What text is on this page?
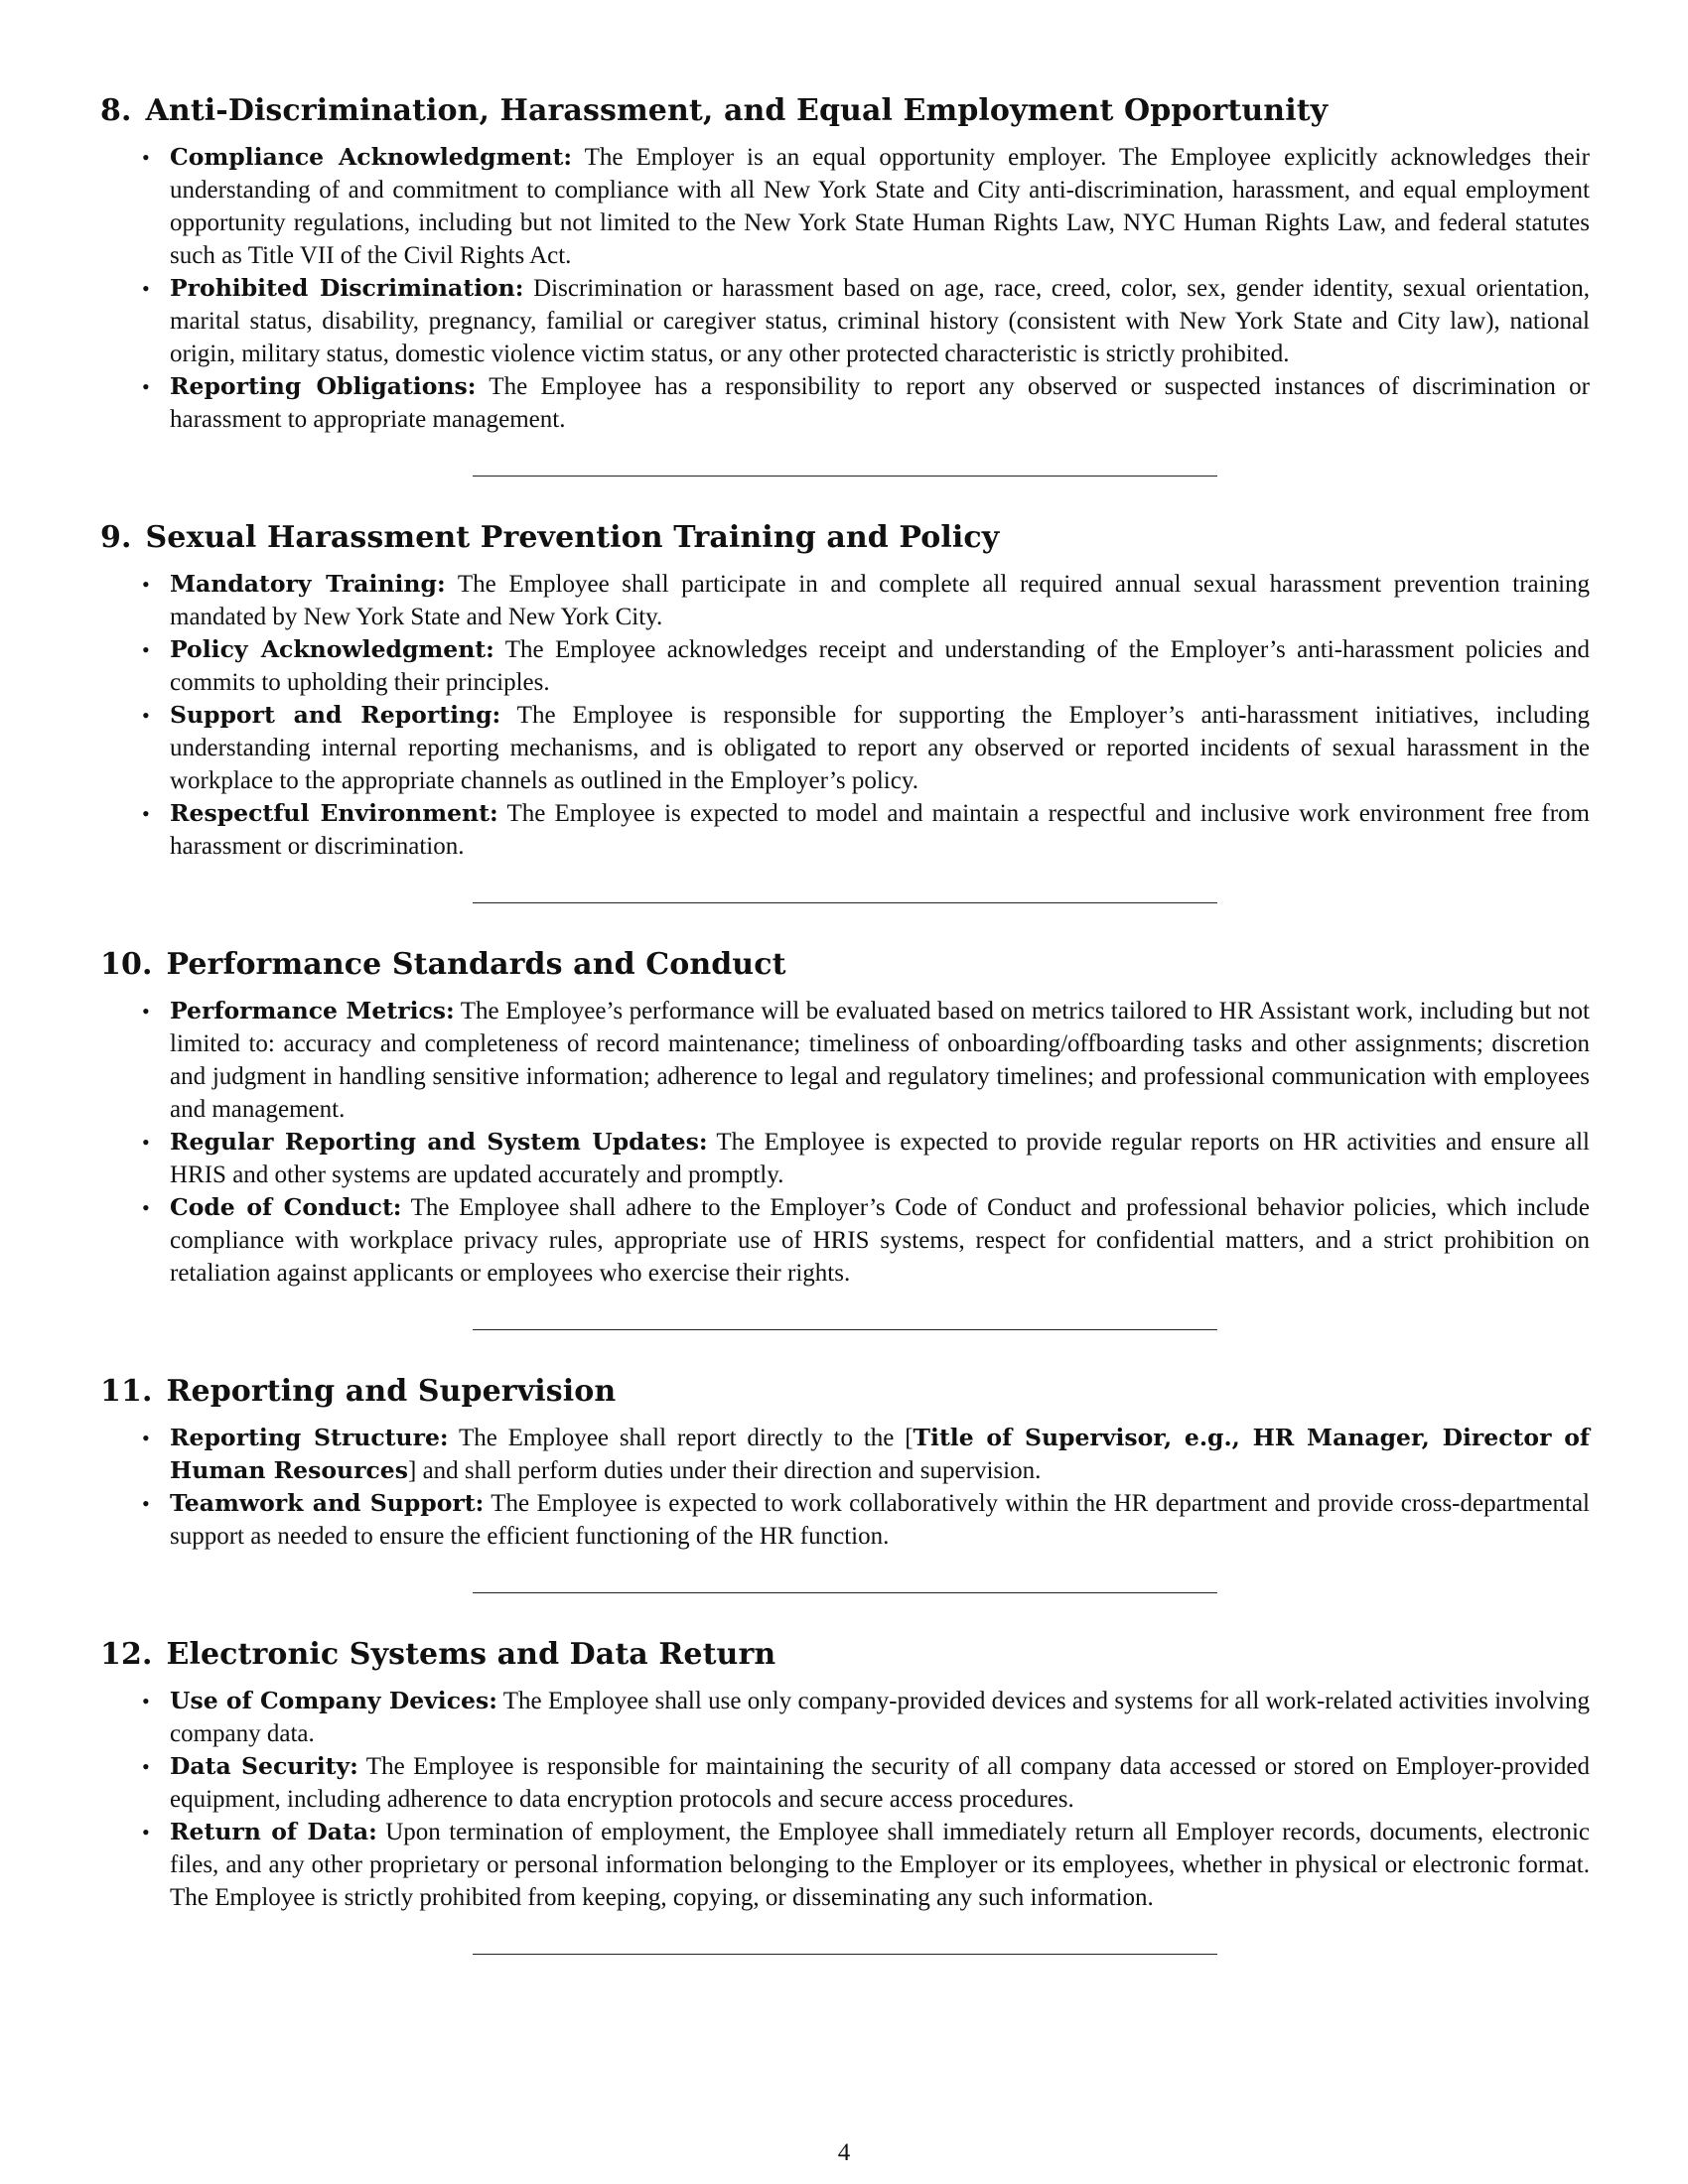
8. Anti-Discrimination, Harassment, and Equal Employment Opportunity
• Compliance Acknowledgment: The Employer is an equal opportunity employer. The Employee explicitly acknowledges their understanding of and commitment to compliance with all New York State and City anti-discrimination, harassment, and equal employment opportunity regulations, including but not limited to the New York State Human Rights Law, NYC Human Rights Law, and federal statutes such as Title VII of the Civil Rights Act.
• Prohibited Discrimination: Discrimination or harassment based on age, race, creed, color, sex, gender identity, sexual orientation, marital status, disability, pregnancy, familial or caregiver status, criminal history (consistent with New York State and City law), national origin, military status, domestic violence victim status, or any other protected characteristic is strictly prohibited.
• Reporting Obligations: The Employee has a responsibility to report any observed or suspected instances of discrimination or harassment to appropriate management.
9. Sexual Harassment Prevention Training and Policy
• Mandatory Training: The Employee shall participate in and complete all required annual sexual harassment prevention training mandated by New York State and New York City.
• Policy Acknowledgment: The Employee acknowledges receipt and understanding of the Employer’s anti-harassment policies and commits to upholding their principles.
• Support and Reporting: The Employee is responsible for supporting the Employer’s anti-harassment initiatives, including understanding internal reporting mechanisms, and is obligated to report any observed or reported incidents of sexual harassment in the workplace to the appropriate channels as outlined in the Employer’s policy.
• Respectful Environment: The Employee is expected to model and maintain a respectful and inclusive work environment free from harassment or discrimination.
10. Performance Standards and Conduct
• Performance Metrics: The Employee’s performance will be evaluated based on metrics tailored to HR Assistant work, including but not limited to: accuracy and completeness of record maintenance; timeliness of onboarding/offboarding tasks and other assignments; discretion and judgment in handling sensitive information; adherence to legal and regulatory timelines; and professional communication with employees and management.
• Regular Reporting and System Updates: The Employee is expected to provide regular reports on HR activities and ensure all HRIS and other systems are updated accurately and promptly.
• Code of Conduct: The Employee shall adhere to the Employer’s Code of Conduct and professional behavior policies, which include compliance with workplace privacy rules, appropriate use of HRIS systems, respect for confidential matters, and a strict prohibition on retaliation against applicants or employees who exercise their rights.
11. Reporting and Supervision
• Reporting Structure: The Employee shall report directly to the [Title of Supervisor, e.g., HR Manager, Director of Human Resources] and shall perform duties under their direction and supervision.
• Teamwork and Support: The Employee is expected to work collaboratively within the HR department and provide cross-departmental support as needed to ensure the efficient functioning of the HR function.
12. Electronic Systems and Data Return
• Use of Company Devices: The Employee shall use only company-provided devices and systems for all work-related activities involving company data.
• Data Security: The Employee is responsible for maintaining the security of all company data accessed or stored on Employer-provided equipment, including adherence to data encryption protocols and secure access procedures.
• Return of Data: Upon termination of employment, the Employee shall immediately return all Employer records, documents, electronic files, and any other proprietary or personal information belonging to the Employer or its employees, whether in physical or electronic format. The Employee is strictly prohibited from keeping, copying, or disseminating any such information.
4
